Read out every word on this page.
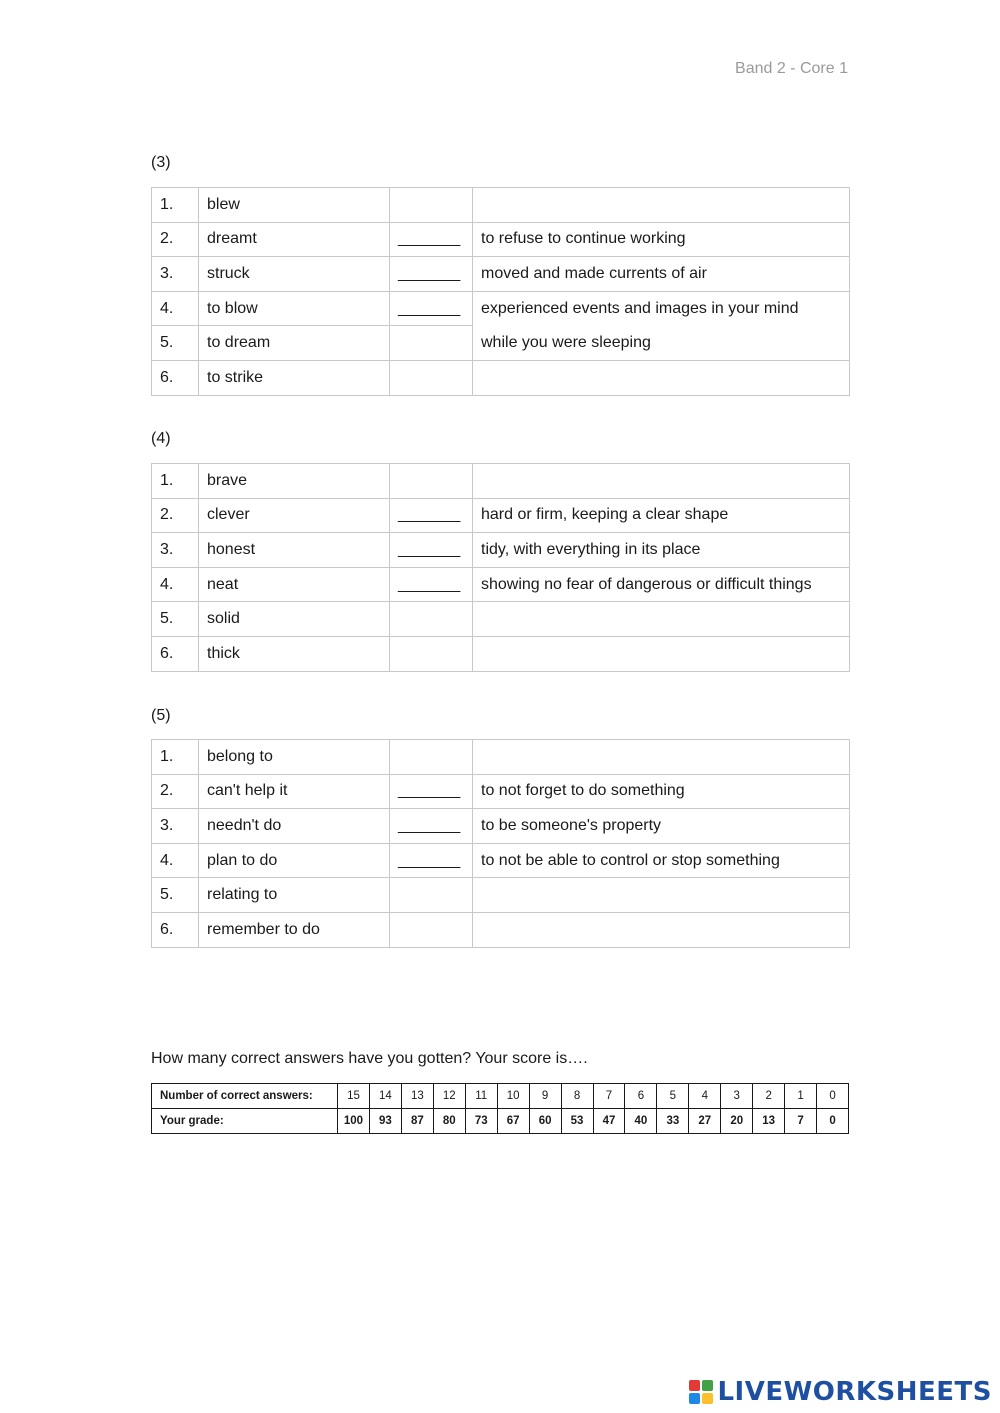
Band 2 - Core 1
(3)
1.	blew		
2.	dreamt	_______	to refuse to continue working
3.	struck	_______	moved and made currents of air
4.	to blow	_______	experienced events and images in your mind
while you were sleeping

5.	to dream		
6.	to strike		
(4)
1.	brave		
2.	clever	_______	hard or firm, keeping a clear shape
3.	honest	_______	tidy, with everything in its place
4.	neat	_______	showing no fear of dangerous or difficult things
5.	solid		
6.	thick		
(5)
1.	belong to		
2.	can't help it	_______	to not forget to do something
3.	needn't do	_______	to be someone's property
4.	plan to do	_______	to not be able to control or stop something
5.	relating to		
6.	remember to do		
How many correct answers have you gotten? Your score is….
Number of correct answers:	15	14	13	12	11	10	9	8	7	6	5	4	3	2	1	0
Your grade:	100	93	87	80	73	67	60	53	47	40	33	27	20	13	7	0
LIVEWORKSHEETS
